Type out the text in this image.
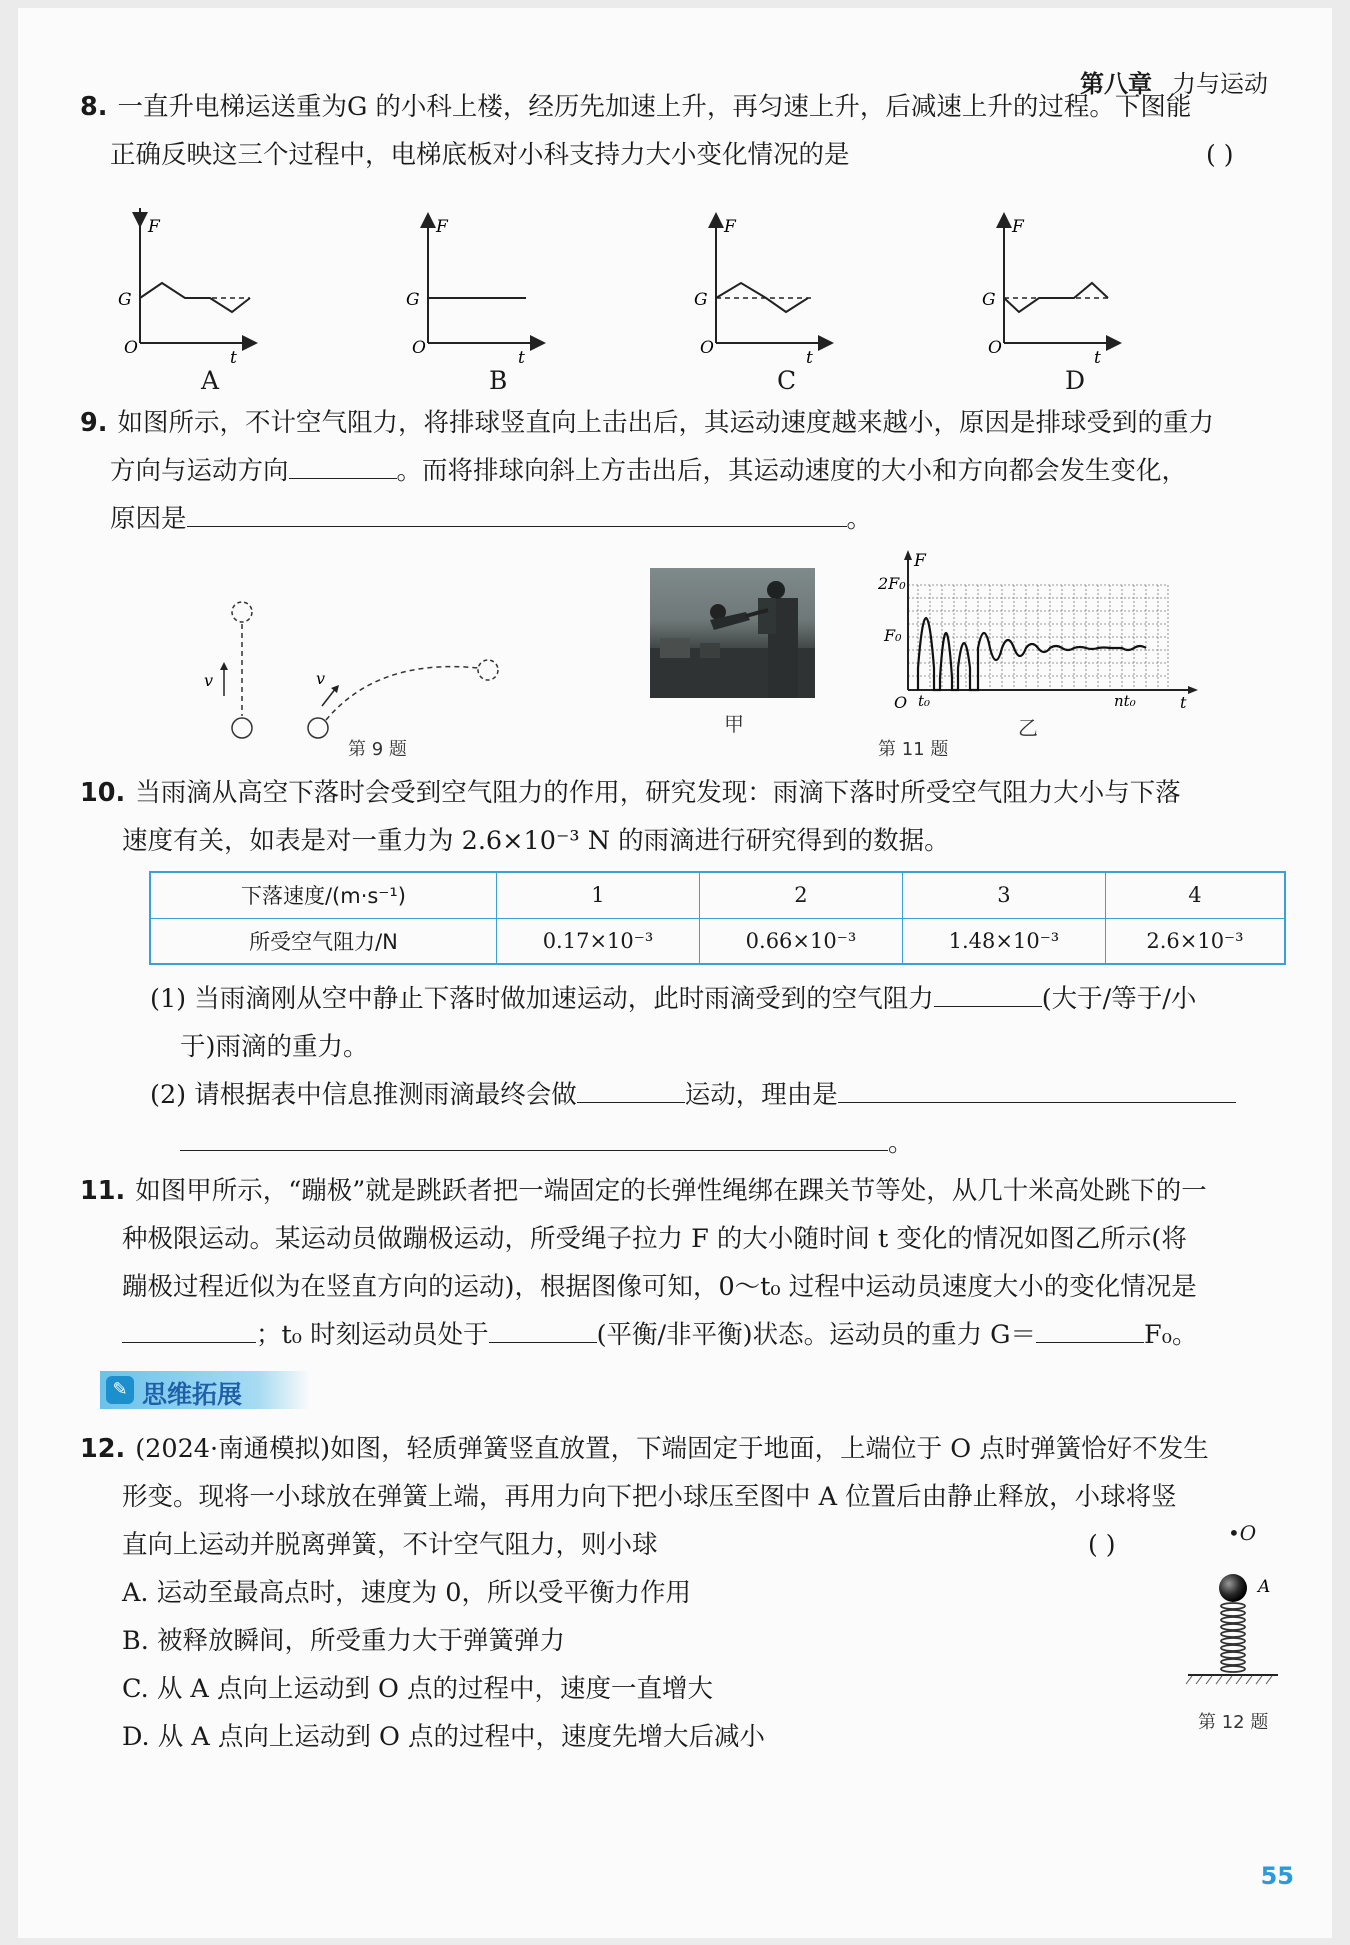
第八章 力与运动
8. 一直升电梯运送重为G 的小科上楼，经历先加速上升，再匀速上升，后减速上升的过程。下图能
正确反映这三个过程中，电梯底板对小科支持力大小变化情况的是	( )
F
G
O	t
F
G
O	t
F
G
O	t
F
G
O	t
A	B	C	D
9. 如图所示，不计空气阻力，将排球竖直向上击出后，其运动速度越来越小，原因是排球受到的重力
方向与运动方向	。而将排球向斜上方击出后，其运动速度的大小和方向都会发生变化，
原因是	。
v	v
第 9 题
甲
F
2F₀
F₀
O t₀	nt₀	t
乙
第 11 题
10. 当雨滴从高空下落时会受到空气阻力的作用，研究发现：雨滴下落时所受空气阻力大小与下落
速度有关，如表是对一重力为 2.6×10⁻³ N 的雨滴进行研究得到的数据。
下落速度/(m·s⁻¹)	1	2	3	4
所受空气阻力/N	0.17×10⁻³	0.66×10⁻³	1.48×10⁻³	2.6×10⁻³
(1) 当雨滴刚从空中静止下落时做加速运动，此时雨滴受到的空气阻力	(大于/等于/小
于)雨滴的重力。
(2) 请根据表中信息推测雨滴最终会做	运动，理由是
。
11. 如图甲所示，“蹦极”就是跳跃者把一端固定的长弹性绳绑在踝关节等处，从几十米高处跳下的一
种极限运动。某运动员做蹦极运动，所受绳子拉力 F 的大小随时间 t 变化的情况如图乙所示(将
蹦极过程近似为在竖直方向的运动)，根据图像可知，0～t₀ 过程中运动员速度大小的变化情况是
；t₀ 时刻运动员处于	(平衡/非平衡)状态。运动员的重力 G＝	F₀。
✎ 思维拓展
12. (2024·南通模拟)如图，轻质弹簧竖直放置，下端固定于地面，上端位于 O 点时弹簧恰好不发生
形变。现将一小球放在弹簧上端，再用力向下把小球压至图中 A 位置后由静止释放，小球将竖
直向上运动并脱离弹簧，不计空气阻力，则小球	( )
A. 运动至最高点时，速度为 0，所以受平衡力作用
B. 被释放瞬间，所受重力大于弹簧弹力
C. 从 A 点向上运动到 O 点的过程中，速度一直增大
D. 从 A 点向上运动到 O 点的过程中，速度先增大后减小
•O
A
第 12 题
55
